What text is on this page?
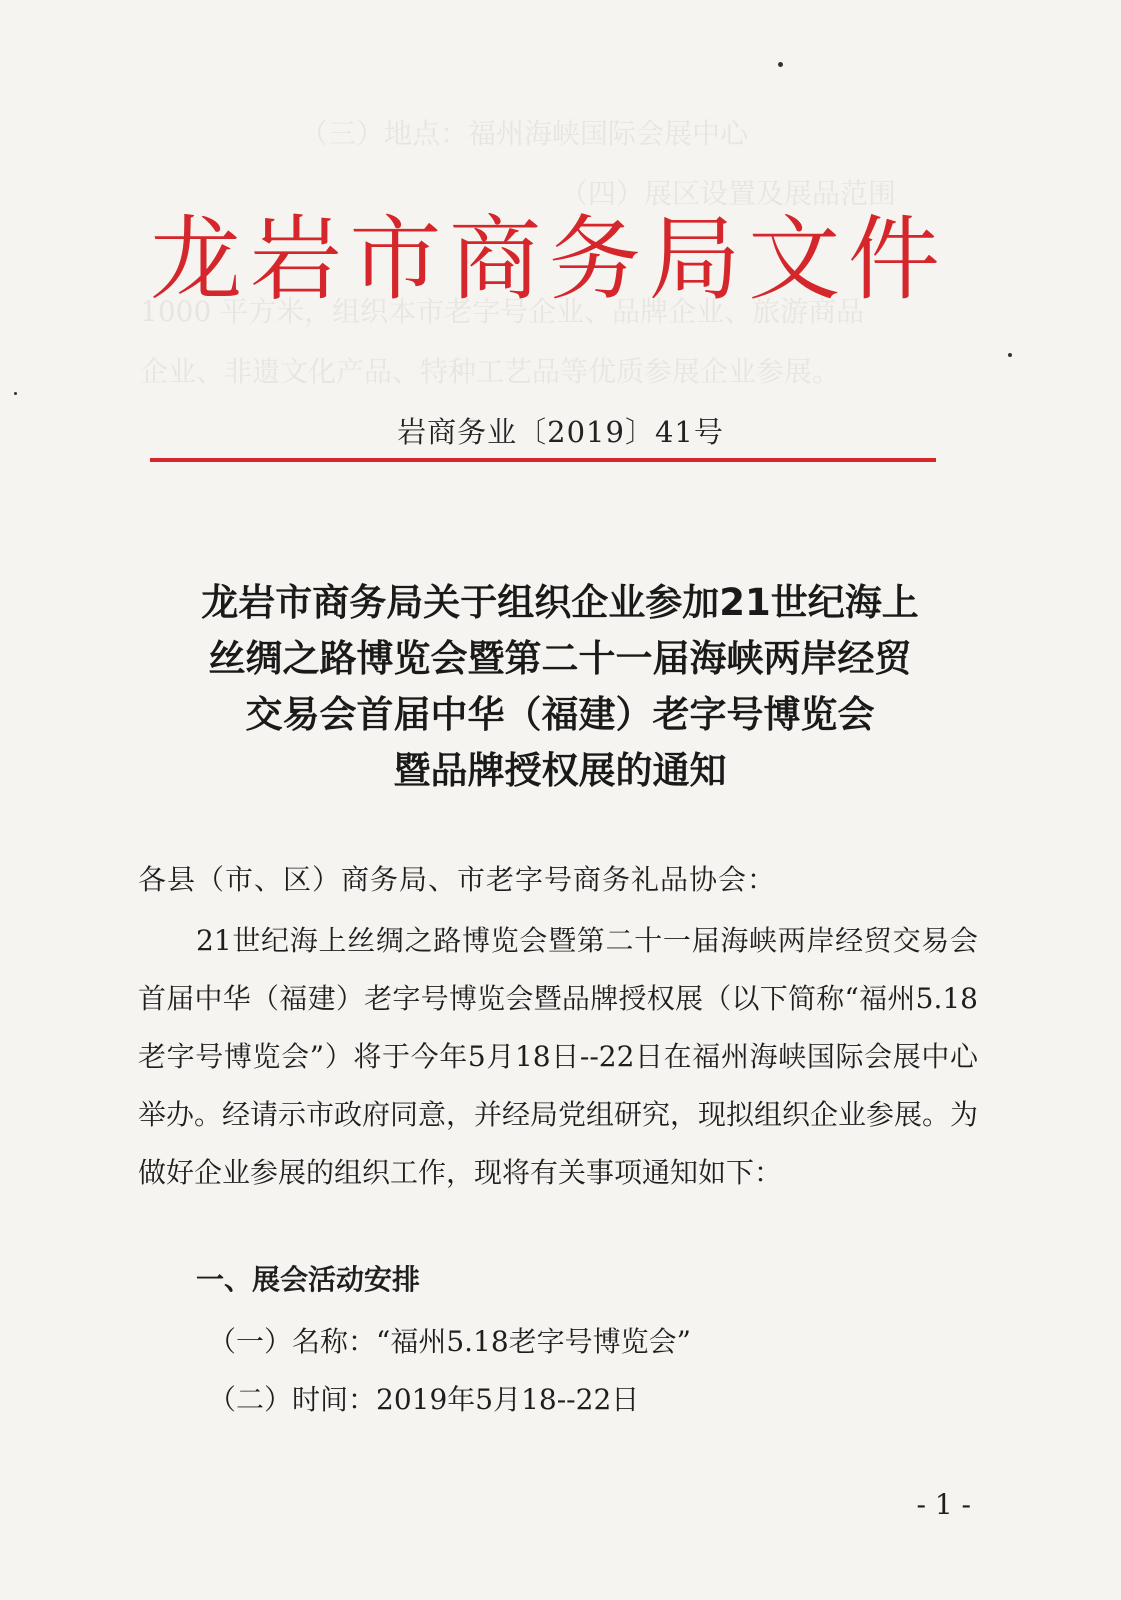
（三）地点：福州海峡国际会展中心
（四）展区设置及展品范围
1000 平方米，组织本市老字号企业、品牌企业、旅游商品
企业、非遗文化产品、特种工艺品等优质参展企业参展。
龙 岩 市 商 务 局 文 件
岩商务业〔2019〕41号
龙岩市商务局关于组织企业参加21世纪海上
丝绸之路博览会暨第二十一届海峡两岸经贸
交易会首届中华（福建）老字号博览会
暨品牌授权展的通知
各县（市、区）商务局、市老字号商务礼品协会：
21世纪海上丝绸之路博览会暨第二十一届海峡两岸经贸交易会首届中华（福建）老字号博览会暨品牌授权展（以下简称“福州5.18老字号博览会”）将于今年5月18日--22日在福州海峡国际会展中心举办。经请示市政府同意，并经局党组研究，现拟组织企业参展。为做好企业参展的组织工作，现将有关事项通知如下：
一、展会活动安排
（一）名称：“福州5.18老字号博览会”
（二）时间：2019年5月18--22日
- 1 -
